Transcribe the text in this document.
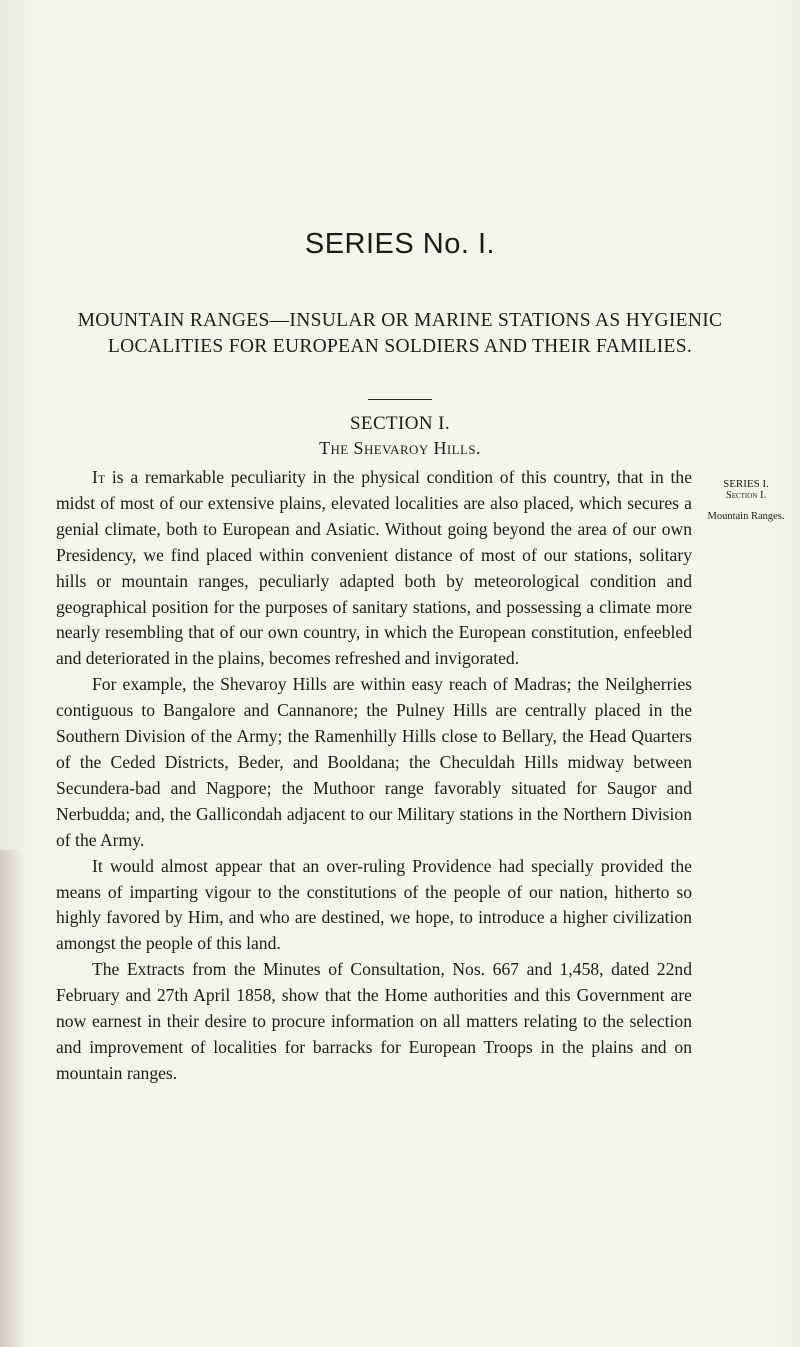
SERIES No. I.
MOUNTAIN RANGES—INSULAR OR MARINE STATIONS AS HYGIENIC LOCALITIES FOR EUROPEAN SOLDIERS AND THEIR FAMILIES.
SECTION I.
The Shevaroy Hills.

It is a remarkable peculiarity in the physical condition of this country, that in the midst of most of our extensive plains, elevated localities are also placed, which secures a genial climate, both to European and Asiatic. Without going beyond the area of our own Presidency, we find placed within convenient distance of most of our stations, solitary hills or mountain ranges, peculiarly adapted both by meteorological condition and geographical position for the purposes of sanitary stations, and possessing a climate more nearly resembling that of our own country, in which the European constitution, enfeebled and deteriorated in the plains, becomes refreshed and invigorated.

For example, the Shevaroy Hills are within easy reach of Madras; the Neilgherries contiguous to Bangalore and Cannanore; the Pulney Hills are centrally placed in the Southern Division of the Army; the Ramenhilly Hills close to Bellary, the Head Quarters of the Ceded Districts, Beder, and Booldana; the Checuldah Hills midway between Secundera-bad and Nagpore; the Muthoor range favorably situated for Saugor and Nerbudda; and, the Gallicondah adjacent to our Military stations in the Northern Division of the Army.

It would almost appear that an over-ruling Providence had specially provided the means of imparting vigour to the constitutions of the people of our nation, hitherto so highly favored by Him, and who are destined, we hope, to introduce a higher civilization amongst the people of this land.

The Extracts from the Minutes of Consultation, Nos. 667 and 1,458, dated 22nd February and 27th April 1858, show that the Home authorities and this Government are now earnest in their desire to procure information on all matters relating to the selection and improvement of localities for barracks for European Troops in the plains and on mountain ranges.

SERIES I.
Section I.
Mountain Ranges.
